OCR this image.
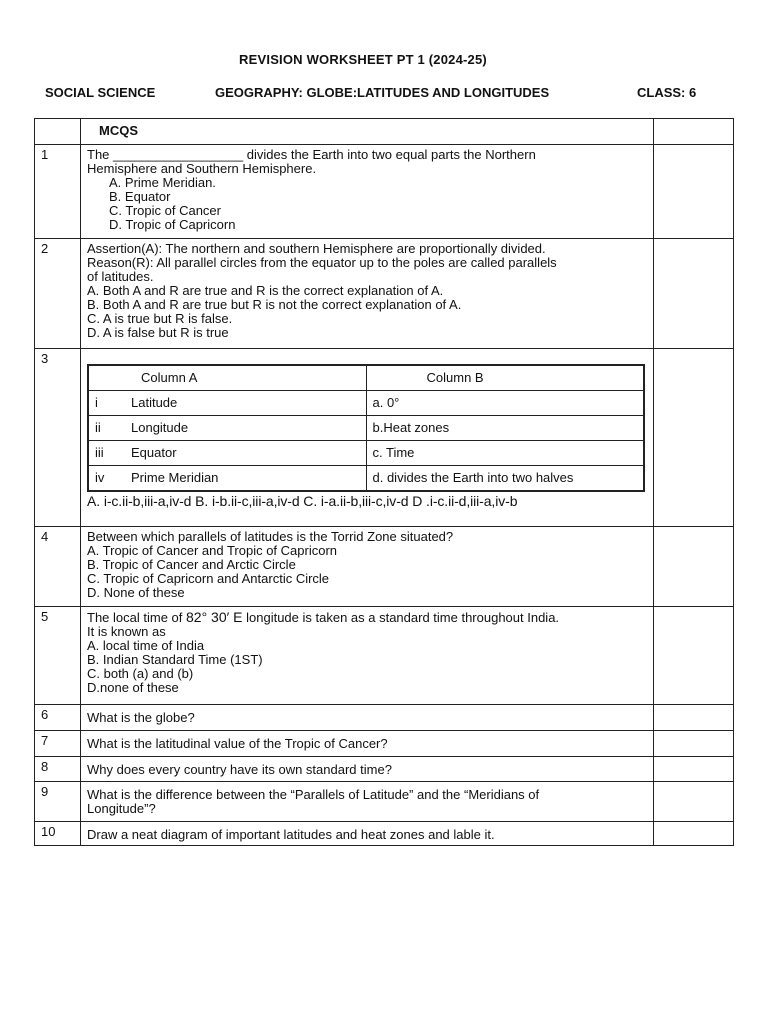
REVISION WORKSHEET PT 1 (2024-25)
SOCIAL SCIENCE	GEOGRAPHY: GLOBE:LATITUDES AND LONGITUDES	CLASS: 6
	MCQS	
1	The __________________ divides the Earth into two equal parts the Northern
Hemisphere and Southern Hemisphere.
A. Prime Meridian.
B. Equator
C. Tropic of Cancer
D. Tropic of Capricorn

2	Assertion(A): The northern and southern Hemisphere are proportionally divided.
Reason(R): All parallel circles from the equator up to the poles are called parallels
of latitudes.
A. Both A and R are true and R is the correct explanation of A.
B. Both A and R are true but R is not the correct explanation of A.
C. A is true but R is false.
D. A is false but R is true

3	
Column A	Column B
i	Latitude	a. 0°
ii Longitude	b.Heat zones
iii Equator	c. Time
iv Prime Meridian	d. divides the Earth into two halves
A. i-c.ii-b,iii-a,iv-d B. i-b.ii-c,iii-a,iv-d C. i-a.ii-b,iii-c,iv-d D .i-c.ii-d,iii-a,iv-b

4	Between which parallels of latitudes is the Torrid Zone situated?
A. Tropic of Cancer and Tropic of Capricorn
B. Tropic of Cancer and Arctic Circle
C. Tropic of Capricorn and Antarctic Circle
D. None of these

5	The local time of 82° 30′ E longitude is taken as a standard time throughout India.
It is known as
A. local time of India
B. Indian Standard Time (1ST)
C. both (a) and (b)
D.none of these

6	What is the globe?	
7	What is the latitudinal value of the Tropic of Cancer?	
8	Why does every country have its own standard time?	
9	What is the difference between the “Parallels of Latitude” and the “Meridians of
Longitude”?

10	Draw a neat diagram of important latitudes and heat zones and lable it.	
